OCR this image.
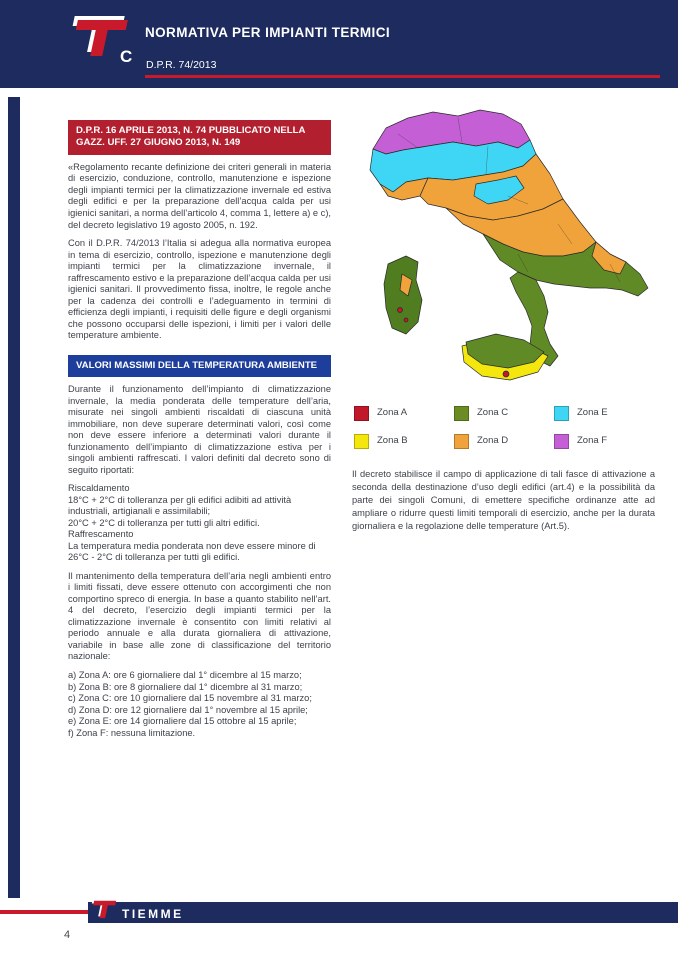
C
NORMATIVA PER IMPIANTI TERMICI
D.P.R. 74/2013
D.P.R. 16 APRILE 2013, N. 74 PUBBLICATO NELLA GAZZ. UFF. 27 GIUGNO 2013, N. 149

«Regolamento recante definizione dei criteri generali in materia di esercizio, conduzione, controllo, manutenzione e ispezione degli impianti termici per la climatizzazione invernale ed estiva degli edifici e per la preparazione dell’acqua calda per usi igienici sanitari, a norma dell’articolo 4, comma 1, lettere a) e c), del decreto legislativo 19 agosto 2005, n. 192.

Con il D.P.R. 74/2013 l’Italia si adegua alla normativa europea in tema di esercizio, controllo, ispezione e manutenzione degli impianti termici per la climatizzazione invernale, il raffrescamento estivo e la preparazione dell’acqua calda per usi igienici sanitari. Il provvedimento fissa, inoltre, le regole anche per la cadenza dei controlli e l’adeguamento in termini di efficienza degli impianti, i requisiti delle figure e degli organismi che possono occuparsi delle ispezioni, i limiti per i valori delle temperature ambiente.

VALORI MASSIMI DELLA TEMPERATURA AMBIENTE

Durante il funzionamento dell’impianto di climatizzazione invernale, la media ponderata delle temperature dell’aria, misurate nei singoli ambienti riscaldati di ciascuna unità immobiliare, non deve superare determinati valori, così come non deve essere inferiore a determinati valori durante il funzionamento dell’impianto di climatizzazione estiva per i singoli ambienti raffrescati. I valori definiti dal decreto sono di seguito riportati:

Riscaldamento
18°C + 2°C di tolleranza per gli edifici adibiti ad attività industriali, artigianali e assimilabili;
20°C + 2°C di tolleranza per tutti gli altri edifici.
Raffrescamento
La temperatura media ponderata non deve essere minore di 26°C - 2°C di tolleranza per tutti gli edifici.

Il mantenimento della temperatura dell’aria negli ambienti entro i limiti fissati, deve essere ottenuto con accorgimenti che non comportino spreco di energia. In base a quanto stabilito nell’art. 4 del decreto, l’esercizio degli impianti termici per la climatizzazione invernale è consentito con limiti relativi al periodo annuale e alla durata giornaliera di attivazione, variabile in base alle zone di classificazione del territorio nazionale:

a) Zona A: ore 6 giornaliere dal 1° dicembre al 15 marzo;
b) Zona B: ore 8 giornaliere dal 1° dicembre al 31 marzo;
c) Zona C: ore 10 giornaliere dal 15 novembre al 31 marzo;
d) Zona D: ore 12 giornaliere dal 1° novembre al 15 aprile;
e) Zona E: ore 14 giornaliere dal 15 ottobre al 15 aprile;
f) Zona F: nessuna limitazione.
Zona A
Zona B
Zona C
Zona D
Zona E
Zona F

Il decreto stabilisce il campo di applicazione di tali fasce di attivazione a seconda della destinazione d’uso degli edifici (art.4) e la possibilità da parte dei singoli Comuni, di emettere specifiche ordinanze atte ad ampliare o ridurre questi limiti temporali di esercizio, anche per la durata giornaliera e la regolazione delle temperature (Art.5).

TIEMME
4
